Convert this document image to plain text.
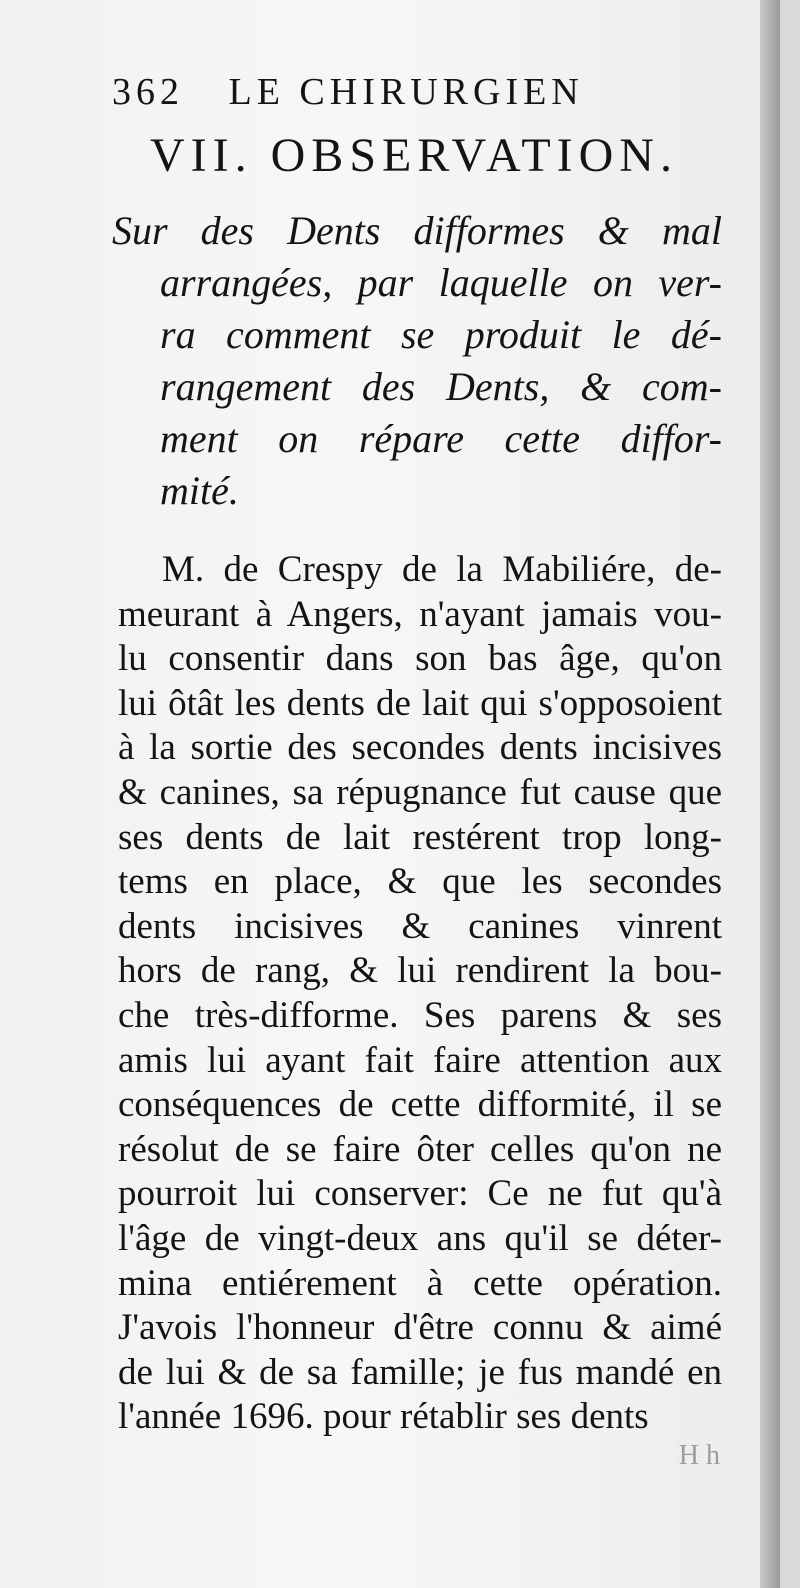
362 LE CHIRURGIEN
VII. OBSERVATION.
Sur des Dents difformes & mal
arrangées, par laquelle on ver-
ra comment se produit le dé-
rangement des Dents, & com-
ment on répare cette diffor-
mité.
M. de Crespy de la Mabiliére, de-
meurant à Angers, n'ayant jamais vou-
lu consentir dans son bas âge, qu'on
lui ôtât les dents de lait qui s'opposoient
à la sortie des secondes dents incisives
& canines, sa répugnance fut cause que
ses dents de lait restérent trop long-
tems en place, & que les secondes
dents incisives & canines vinrent
hors de rang, & lui rendirent la bou-
che très-difforme. Ses parens & ses
amis lui ayant fait faire attention aux
conséquences de cette difformité, il se
résolut de se faire ôter celles qu'on ne
pourroit lui conserver: Ce ne fut qu'à
l'âge de vingt-deux ans qu'il se déter-
mina entiérement à cette opération.
J'avois l'honneur d'être connu & aimé
de lui & de sa famille; je fus mandé en
l'année 1696. pour rétablir ses dents
H h
